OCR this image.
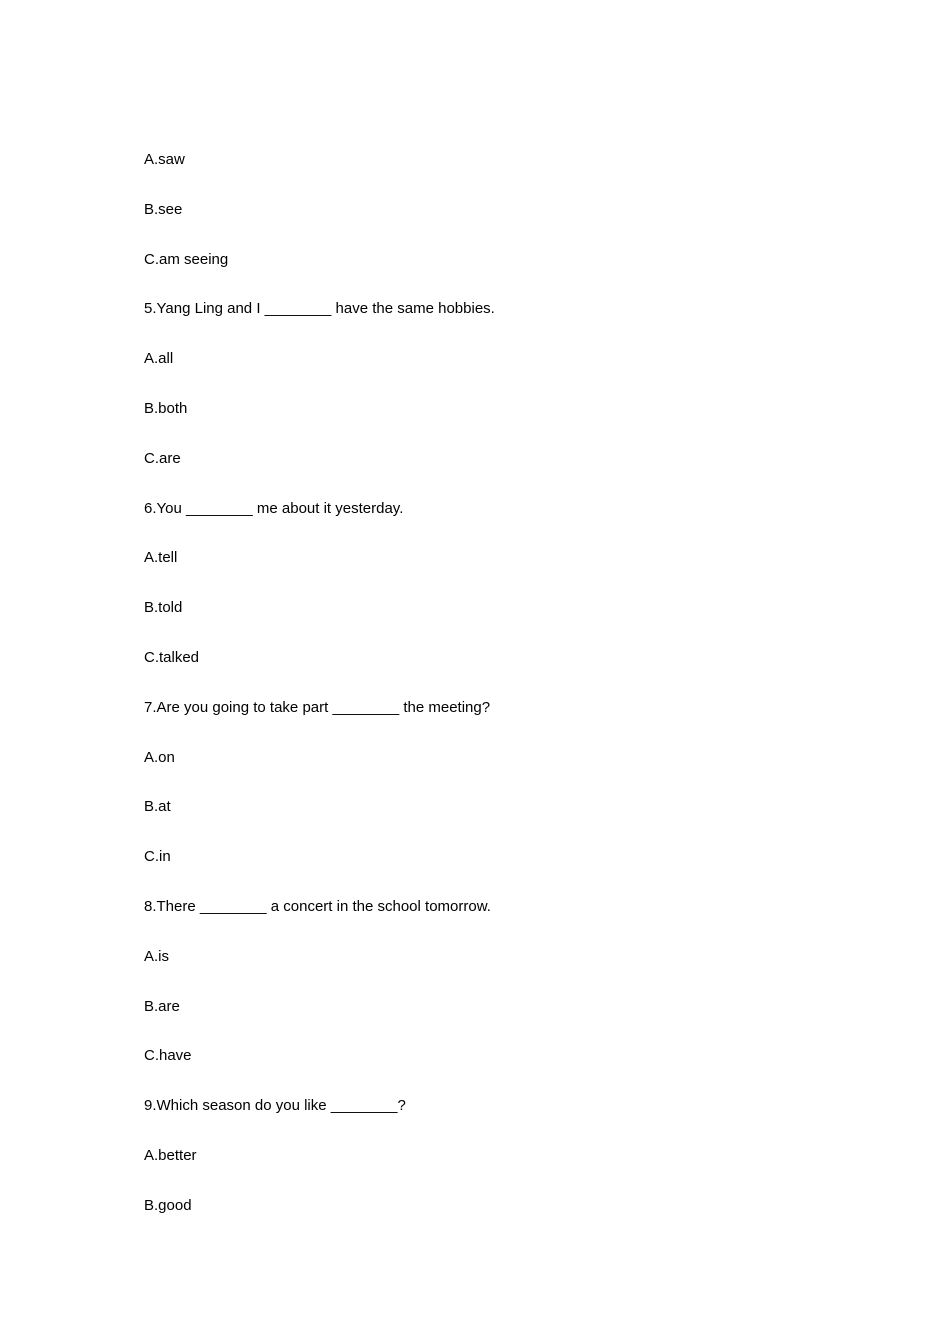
A.saw
B.see
C.am seeing
5.Yang Ling and I ________ have the same hobbies.
A.all
B.both
C.are
6.You ________ me about it yesterday.
A.tell
B.told
C.talked
7.Are you going to take part ________ the meeting?
A.on
B.at
C.in
8.There ________ a concert in the school tomorrow.
A.is
B.are
C.have
9.Which season do you like ________?
A.better
B.good
